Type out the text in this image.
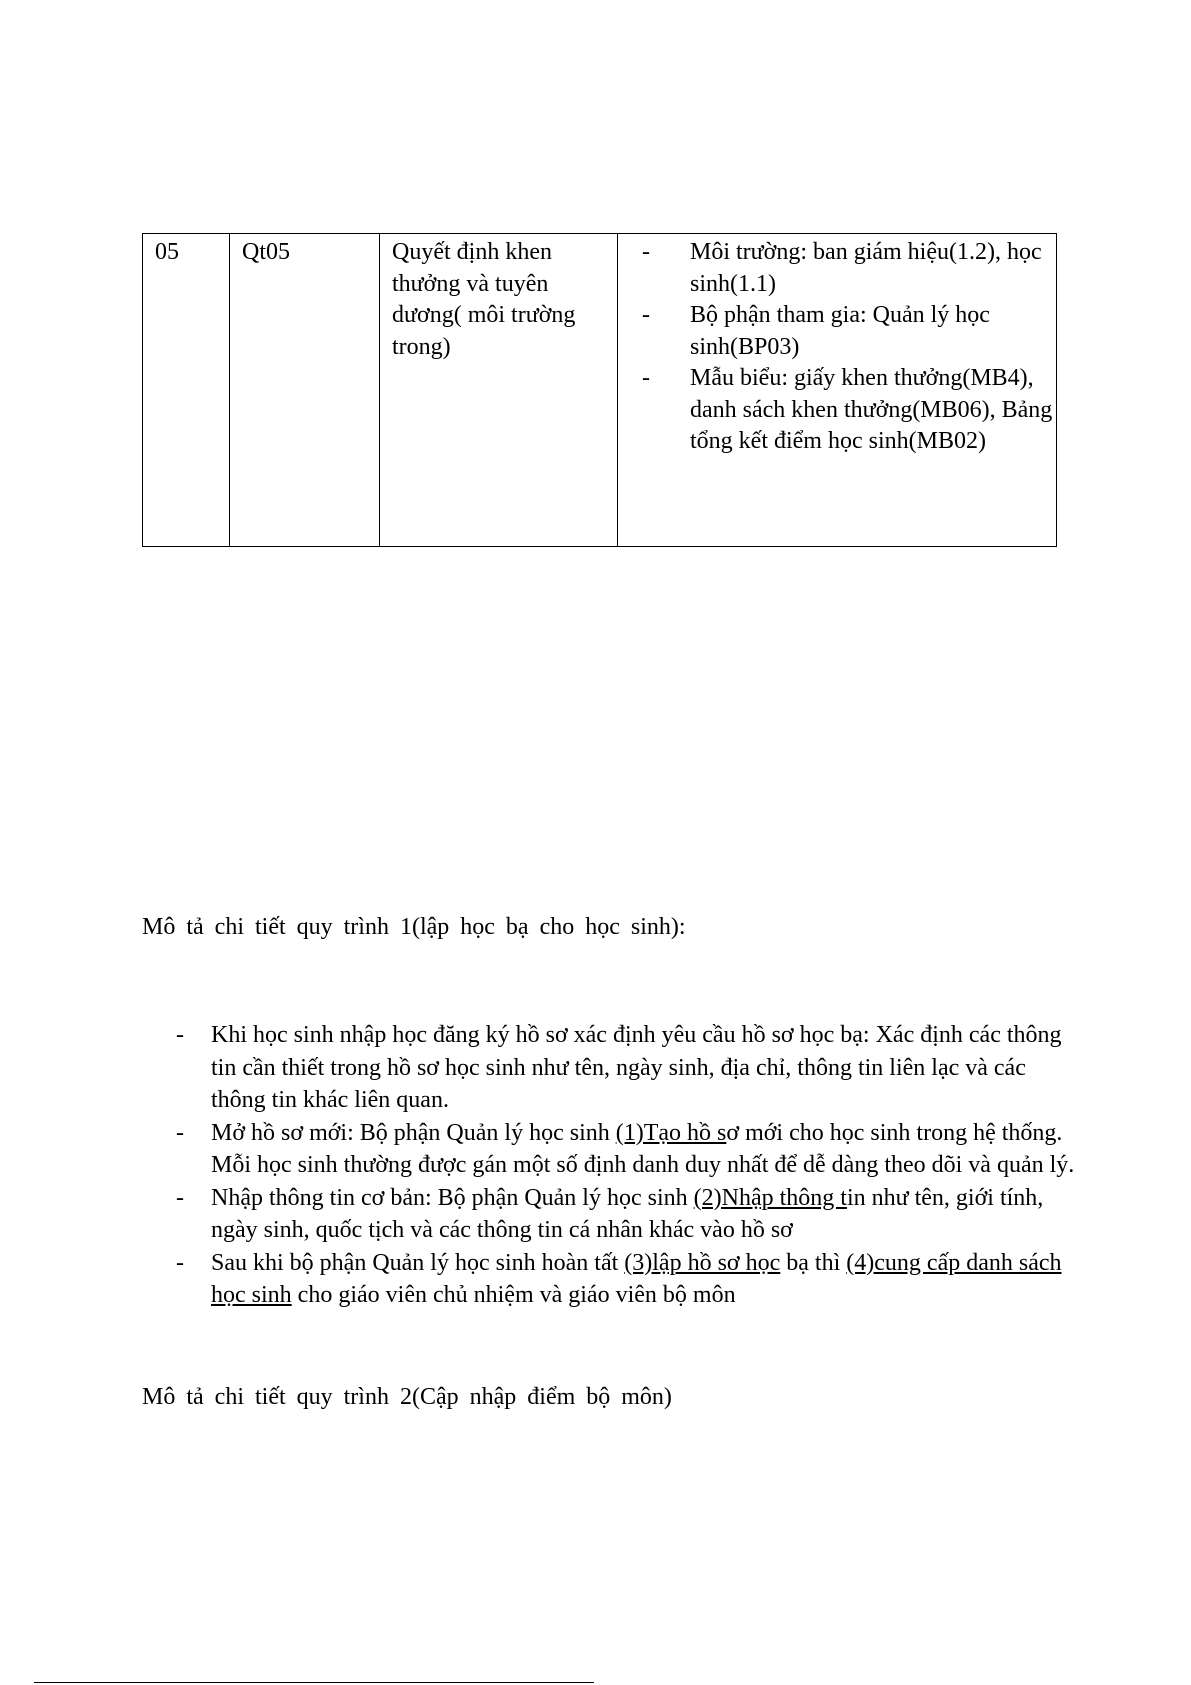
05	Qt05	Quyết định khen thưởng và tuyên dương( môi trường trong)	
- Môi trường: ban giám hiệu(1.2), học sinh(1.1)
- Bộ phận tham gia: Quản lý học sinh(BP03)
- Mẫu biểu: giấy khen thưởng(MB4), danh sách khen thưởng(MB06), Bảng tổng kết điểm học sinh(MB02)
Mô tả chi tiết quy trình 1(lập học bạ cho học sinh):
- Khi học sinh nhập học đăng ký hồ sơ xác định yêu cầu hồ sơ học bạ: Xác định các thông tin cần thiết trong hồ sơ học sinh như tên, ngày sinh, địa chỉ, thông tin liên lạc và các thông tin khác liên quan.
- Mở hồ sơ mới: Bộ phận Quản lý học sinh (1)Tạo hồ sơ mới cho học sinh trong hệ thống. Mỗi học sinh thường được gán một số định danh duy nhất để dễ dàng theo dõi và quản lý.
- Nhập thông tin cơ bản: Bộ phận Quản lý học sinh (2)Nhập thông tin như tên, giới tính, ngày sinh, quốc tịch và các thông tin cá nhân khác vào hồ sơ
- Sau khi bộ phận Quản lý học sinh hoàn tất (3)lập hồ sơ học bạ thì (4)cung cấp danh sách học sinh cho giáo viên chủ nhiệm và giáo viên bộ môn
Mô tả chi tiết quy trình 2(Cập nhập điểm bộ môn)
